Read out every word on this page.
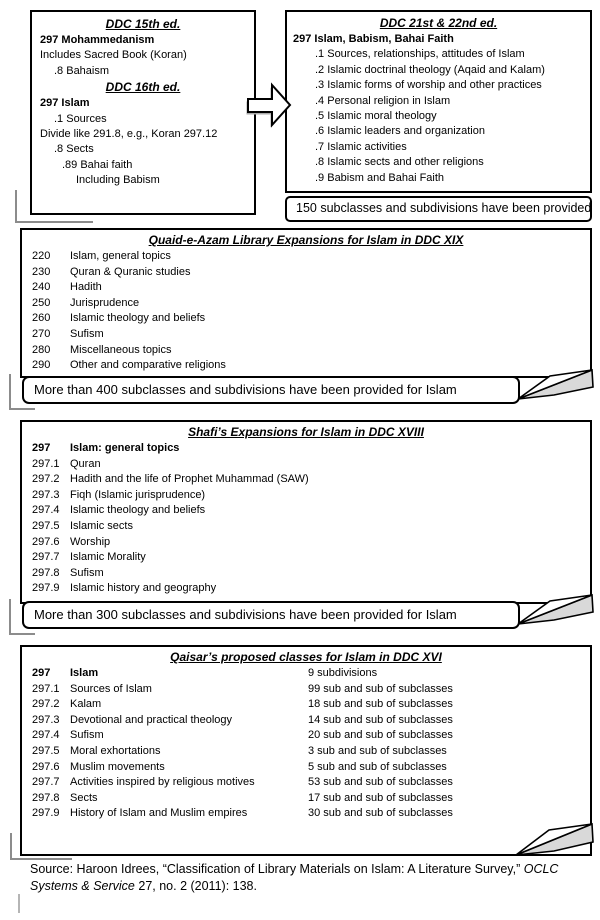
DDC 15th ed.
297 Mohammedanism
Includes Sacred Book (Koran)
.8 Bahaism
DDC 16th ed.
297 Islam
.1 Sources
Divide like 291.8, e.g., Koran 297.12
.8 Sects
.89 Bahai faith
Including Babism
DDC 21st & 22nd ed.
297 Islam, Babism, Bahai Faith
.1 Sources, relationships, attitudes of Islam
.2 Islamic doctrinal theology (Aqaid and Kalam)
.3 Islamic forms of worship and other practices
.4 Personal religion in Islam
.5 Islamic moral theology
.6 Islamic leaders and organization
.7 Islamic activities
.8 Islamic sects and other religions
.9 Babism and Bahai Faith
150 subclasses and subdivisions have been provided
Quaid-e-Azam Library Expansions for Islam in DDC XIX
220	Islam, general topics
230	Quran & Quranic studies
240	Hadith
250	Jurisprudence
260	Islamic theology and beliefs
270	Sufism
280	Miscellaneous topics
290	Other and comparative religions
More than 400 subclasses and subdivisions have been provided for Islam
Shafi’s Expansions for Islam in DDC XVIII
297	Islam: general topics
297.1 Quran
297.2 Hadith and the life of Prophet Muhammad (SAW)
297.3 Fiqh (Islamic jurisprudence)
297.4 Islamic theology and beliefs
297.5 Islamic sects
297.6 Worship
297.7 Islamic Morality
297.8 Sufism
297.9 Islamic history and geography
More than 300 subclasses and subdivisions have been provided for Islam
Qaisar’s proposed classes for Islam in DDC XVI
297	Islam	9 subdivisions
297.1 Sources of Islam	99 sub and sub of subclasses
297.2 Kalam	18 sub and sub of subclasses
297.3 Devotional and practical theology	14 sub and sub of subclasses
297.4 Sufism	20 sub and sub of subclasses
297.5 Moral exhortations	3 sub and sub of subclasses
297.6 Muslim movements	5 sub and sub of subclasses
297.7 Activities inspired by religious motives	53 sub and sub of subclasses
297.8 Sects	17 sub and sub of subclasses
297.9 History of Islam and Muslim empires	30 sub and sub of subclasses
Source: Haroon Idrees, “Classification of Library Materials on Islam: A Literature Survey,” OCLC Systems & Service 27, no. 2 (2011): 138.
